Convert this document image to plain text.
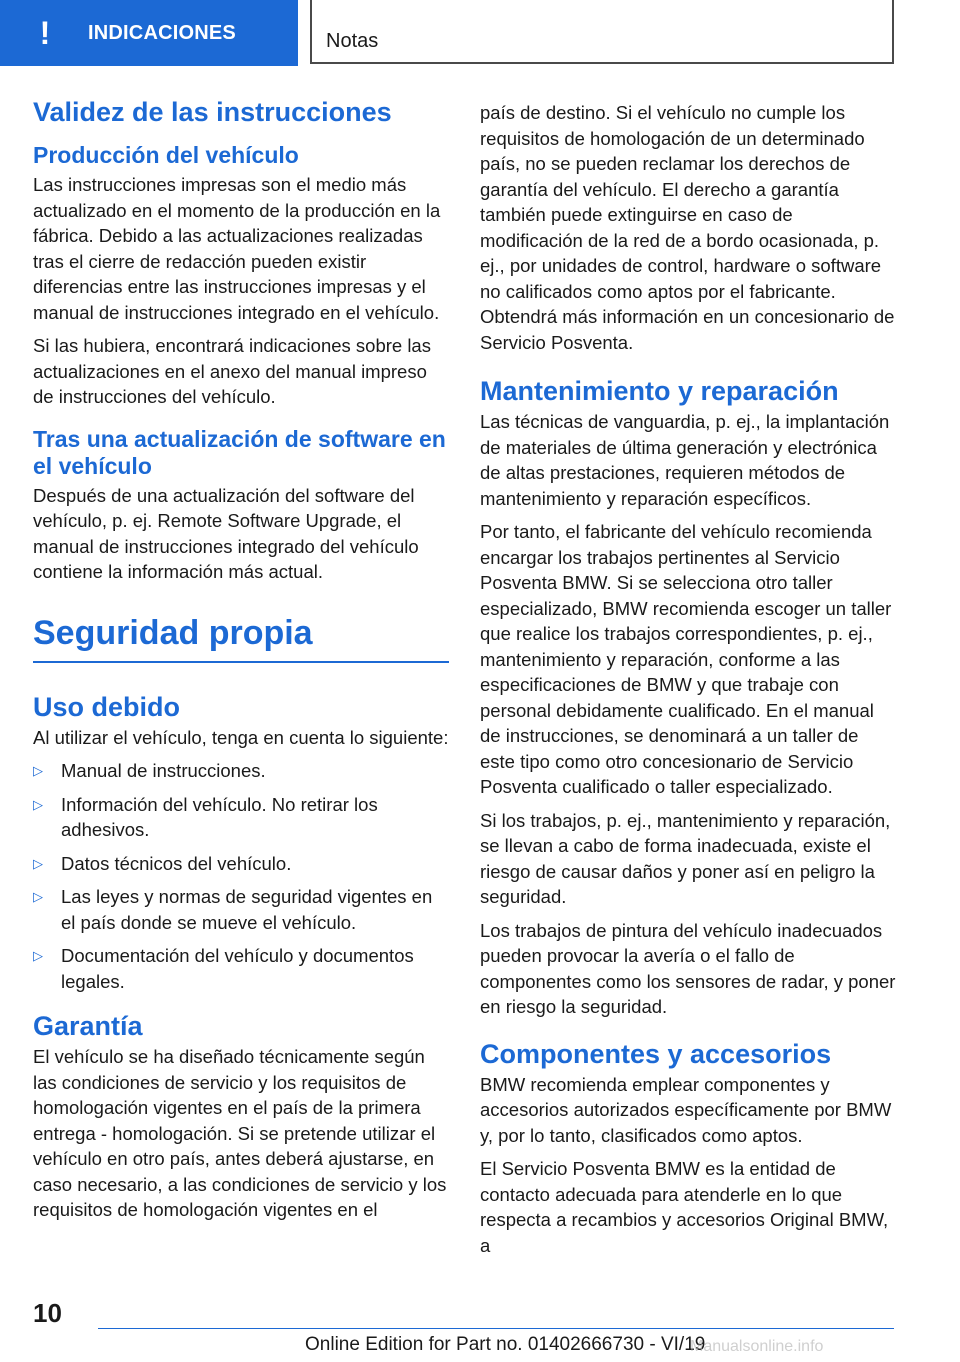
! INDICACIONES	Notas
Validez de las instrucciones
Producción del vehículo

Las instrucciones impresas son el medio más actualizado en el momento de la producción en la fábrica. Debido a las actualizaciones realizadas tras el cierre de redacción pueden existir diferencias entre las instrucciones impresas y el manual de instrucciones integrado en el vehículo.

Si las hubiera, encontrará indicaciones sobre las actualizaciones en el anexo del manual impreso de instrucciones del vehículo.

Tras una actualización de software en el vehículo

Después de una actualización del software del vehículo, p. ej. Remote Software Upgrade, el manual de instrucciones integrado del vehículo contiene la información más actual.

Seguridad propia
Uso debido

Al utilizar el vehículo, tenga en cuenta lo siguiente:

▷ Manual de instrucciones.
▷ Información del vehículo. No retirar los adhesivos.
▷ Datos técnicos del vehículo.
▷ Las leyes y normas de seguridad vigentes en el país donde se mueve el vehículo.
▷ Documentación del vehículo y documentos legales.
Garantía

El vehículo se ha diseñado técnicamente según las condiciones de servicio y los requisitos de homologación vigentes en el país de la primera entrega - homologación. Si se pretende utilizar el vehículo en otro país, antes deberá ajustarse, en caso necesario, a las condiciones de servicio y los requisitos de homologación vigentes en el

país de destino. Si el vehículo no cumple los requisitos de homologación de un determinado país, no se pueden reclamar los derechos de garantía del vehículo. El derecho a garantía también puede extinguirse en caso de modificación de la red de a bordo ocasionada, p. ej., por unidades de control, hardware o software no calificados como aptos por el fabricante. Obtendrá más información en un concesionario de Servicio Posventa.

Mantenimiento y reparación

Las técnicas de vanguardia, p. ej., la implantación de materiales de última generación y electrónica de altas prestaciones, requieren métodos de mantenimiento y reparación específicos.

Por tanto, el fabricante del vehículo recomienda encargar los trabajos pertinentes al Servicio Posventa BMW. Si se selecciona otro taller especializado, BMW recomienda escoger un taller que realice los trabajos correspondientes, p. ej., mantenimiento y reparación, conforme a las especificaciones de BMW y que trabaje con personal debidamente cualificado. En el manual de instrucciones, se denominará a un taller de este tipo como otro concesionario de Servicio Posventa cualificado o taller especializado.

Si los trabajos, p. ej., mantenimiento y reparación, se llevan a cabo de forma inadecuada, existe el riesgo de causar daños y poner así en peligro la seguridad.

Los trabajos de pintura del vehículo inadecuados pueden provocar la avería o el fallo de componentes como los sensores de radar, y poner en riesgo la seguridad.

Componentes y accesorios

BMW recomienda emplear componentes y accesorios autorizados específicamente por BMW y, por lo tanto, clasificados como aptos.

El Servicio Posventa BMW es la entidad de contacto adecuada para atenderle en lo que respecta a recambios y accesorios Original BMW, a

10
Online Edition for Part no. 01402666730 - VI/19
Manualsonline.info
